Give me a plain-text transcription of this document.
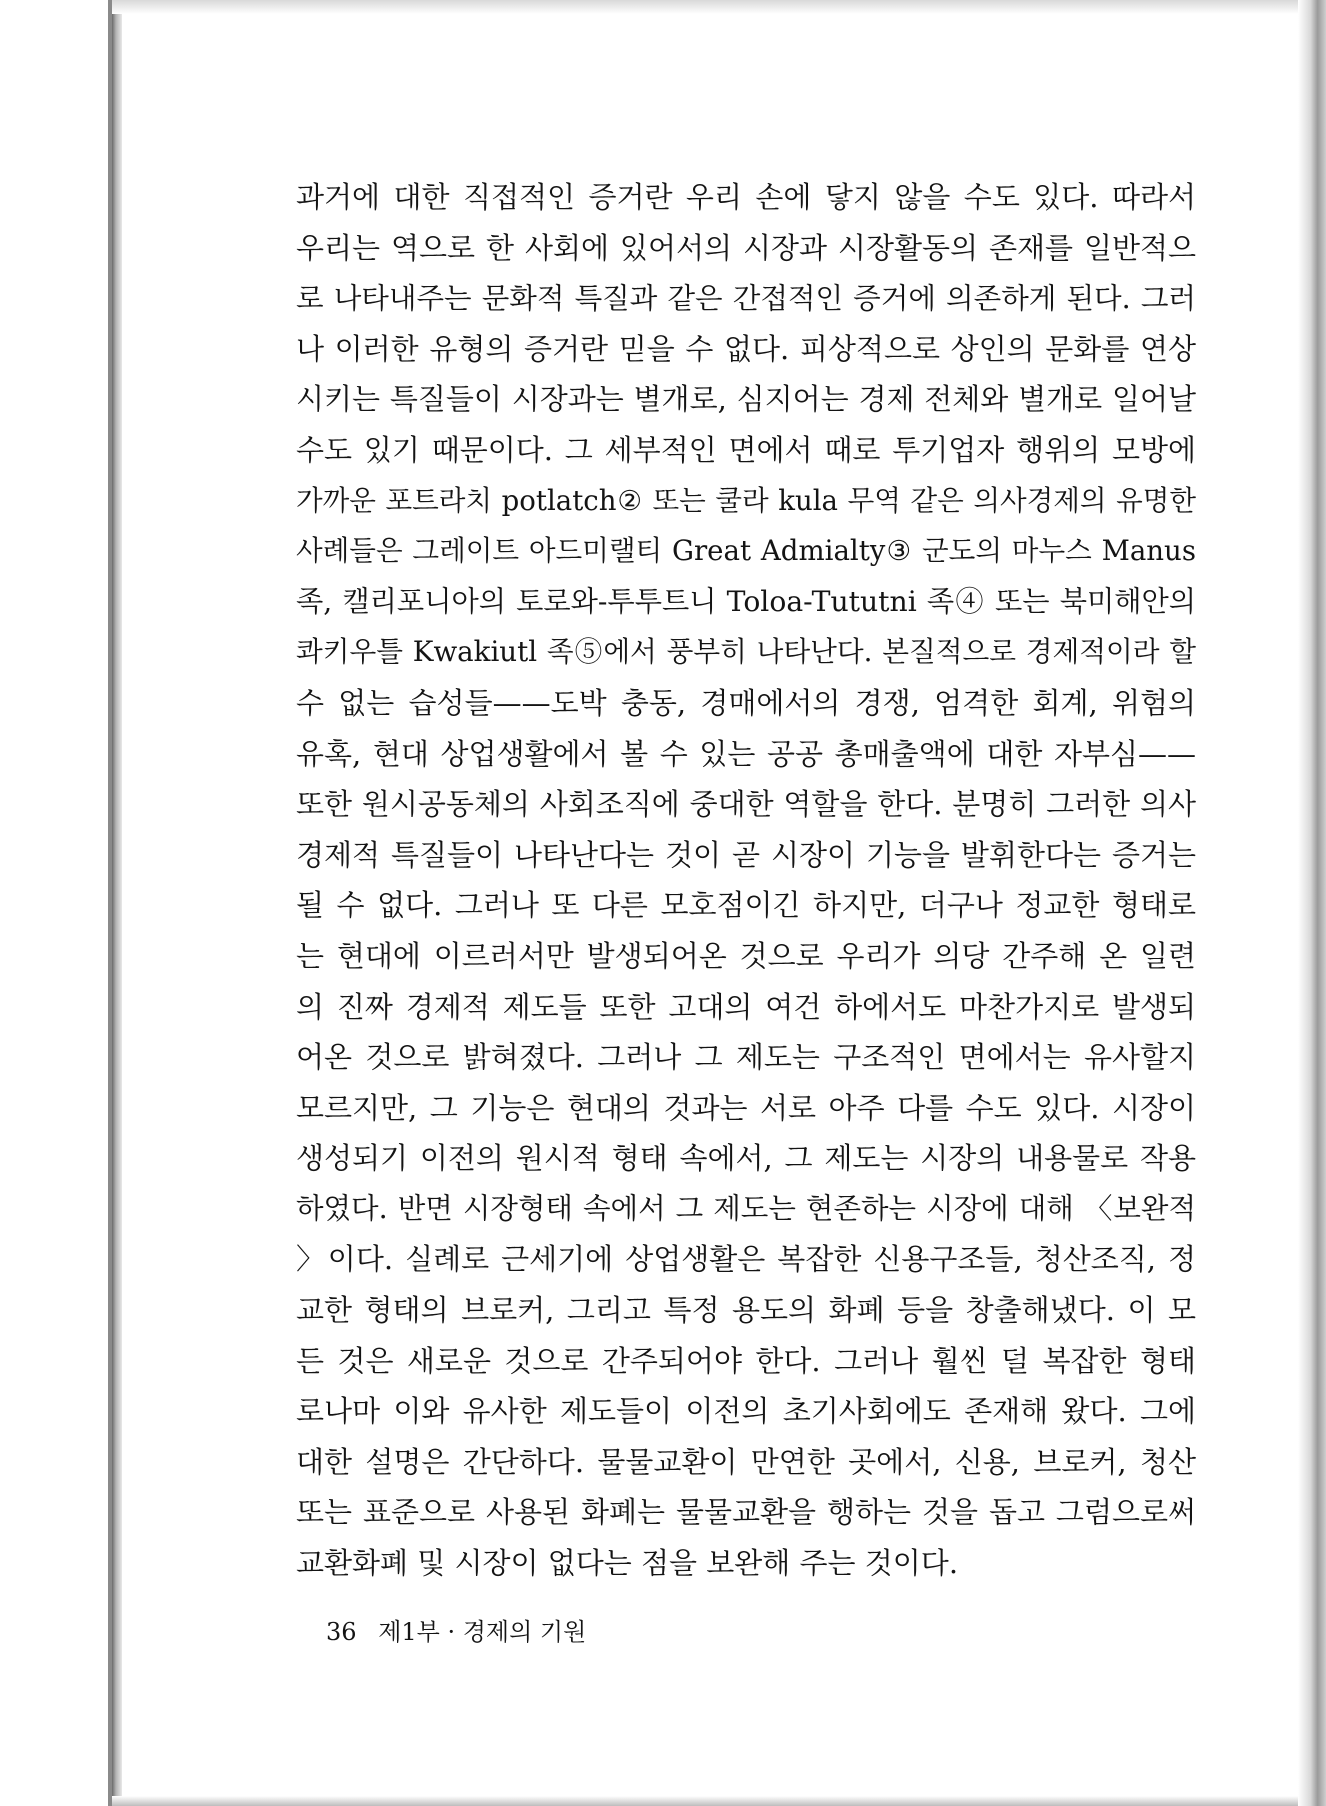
과거에 대한 직접적인 증거란 우리 손에 닿지 않을 수도 있다. 따라서
우리는 역으로 한 사회에 있어서의 시장과 시장활동의 존재를 일반적으
로 나타내주는 문화적 특질과 같은 간접적인 증거에 의존하게 된다. 그러
나 이러한 유형의 증거란 믿을 수 없다. 피상적으로 상인의 문화를 연상
시키는 특질들이 시장과는 별개로, 심지어는 경제 전체와 별개로 일어날
수도 있기 때문이다. 그 세부적인 면에서 때로 투기업자 행위의 모방에
가까운 포트라치 potlatch② 또는 쿨라 kula 무역 같은 의사경제의 유명한
사례들은 그레이트 아드미랠티 Great Admialty③ 군도의 마누스 Manus
족, 캘리포니아의 토로와-투투트니 Toloa-Tututni 족④ 또는 북미해안의
콰키우틀 Kwakiutl 족⑤에서 풍부히 나타난다. 본질적으로 경제적이라 할
수 없는 습성들——도박 충동, 경매에서의 경쟁, 엄격한 회계, 위험의
유혹, 현대 상업생활에서 볼 수 있는 공공 총매출액에 대한 자부심——
또한 원시공동체의 사회조직에 중대한 역할을 한다. 분명히 그러한 의사
경제적 특질들이 나타난다는 것이 곧 시장이 기능을 발휘한다는 증거는
될 수 없다. 그러나 또 다른 모호점이긴 하지만, 더구나 정교한 형태로
는 현대에 이르러서만 발생되어온 것으로 우리가 의당 간주해 온 일련
의 진짜 경제적 제도들 또한 고대의 여건 하에서도 마찬가지로 발생되
어온 것으로 밝혀졌다. 그러나 그 제도는 구조적인 면에서는 유사할지
모르지만, 그 기능은 현대의 것과는 서로 아주 다를 수도 있다. 시장이
생성되기 이전의 원시적 형태 속에서, 그 제도는 시장의 내용물로 작용
하였다. 반면 시장형태 속에서 그 제도는 현존하는 시장에 대해 〈보완적
〉이다. 실례로 근세기에 상업생활은 복잡한 신용구조들, 청산조직, 정
교한 형태의 브로커, 그리고 특정 용도의 화폐 등을 창출해냈다. 이 모
든 것은 새로운 것으로 간주되어야 한다. 그러나 훨씬 덜 복잡한 형태
로나마 이와 유사한 제도들이 이전의 초기사회에도 존재해 왔다. 그에
대한 설명은 간단하다. 물물교환이 만연한 곳에서, 신용, 브로커, 청산
또는 표준으로 사용된 화폐는 물물교환을 행하는 것을 돕고 그럼으로써
교환화폐 및 시장이 없다는 점을 보완해 주는 것이다.
36 제1부 · 경제의 기원
